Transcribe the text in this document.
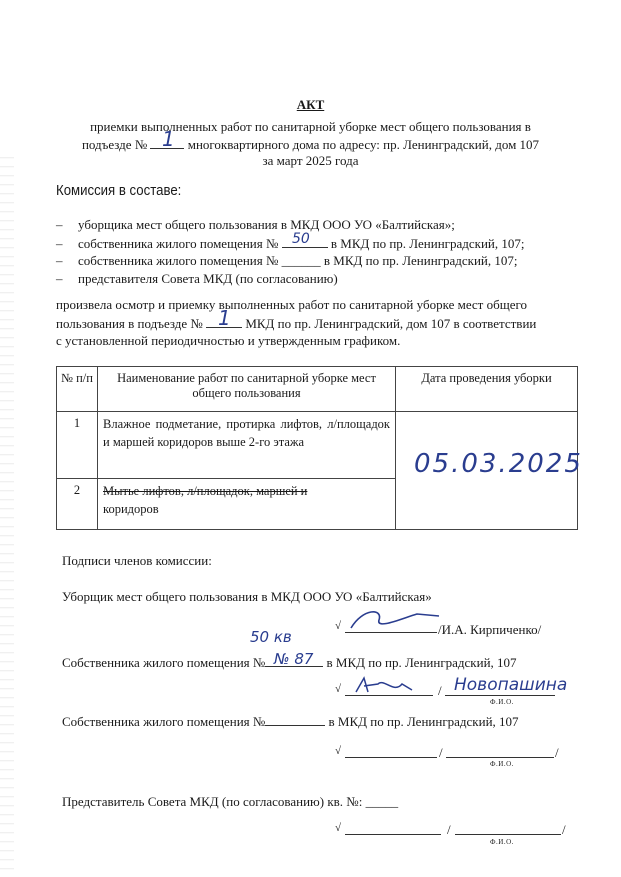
АКТ
приемки выполненных работ по санитарной уборке мест общего пользования в
подъезде № 1 многоквартирного дома по адресу: пр. Ленинградский, дом 107
за март 2025 года
Комиссия в составе:
– уборщика мест общего пользования в МКД ООО УО «Балтийская»;
– собственника жилого помещения № 50 в МКД по пр. Ленинградский, 107;
– собственника жилого помещения № ______ в МКД по пр. Ленинградский, 107;
– представителя Совета МКД (по согласованию)
произвела осмотр и приемку выполненных работ по санитарной уборке мест общего
пользования в подъезде № 1 МКД по пр. Ленинградский, дом 107 в соответствии
с установленной периодичностью и утвержденным графиком.
№ п/п	Наименование работ по санитарной уборке мест общего пользования	Дата проведения уборки
1	Влажное подметание, протирка лифтов, л/площадок и маршей коридоров выше 2-го этажа	05.03.2025

2	Мытье лифтов, л/площадок, маршей и
коридоров	
Подписи членов комиссии:
Уборщик мест общего пользования в МКД ООО УО «Балтийская»
√	/И.А. Кирпиченко/
50 кв
№ 87
Собственника жилого помещения №	в МКД по пр. Ленинградский, 107
√	/ Новопашина
Ф.И.О.
Собственника жилого помещения №	в МКД по пр. Ленинградский, 107
√	/	/
Ф.И.О.
Представитель Совета МКД (по согласованию) кв. №: _____
√	/	/
Ф.И.О.
